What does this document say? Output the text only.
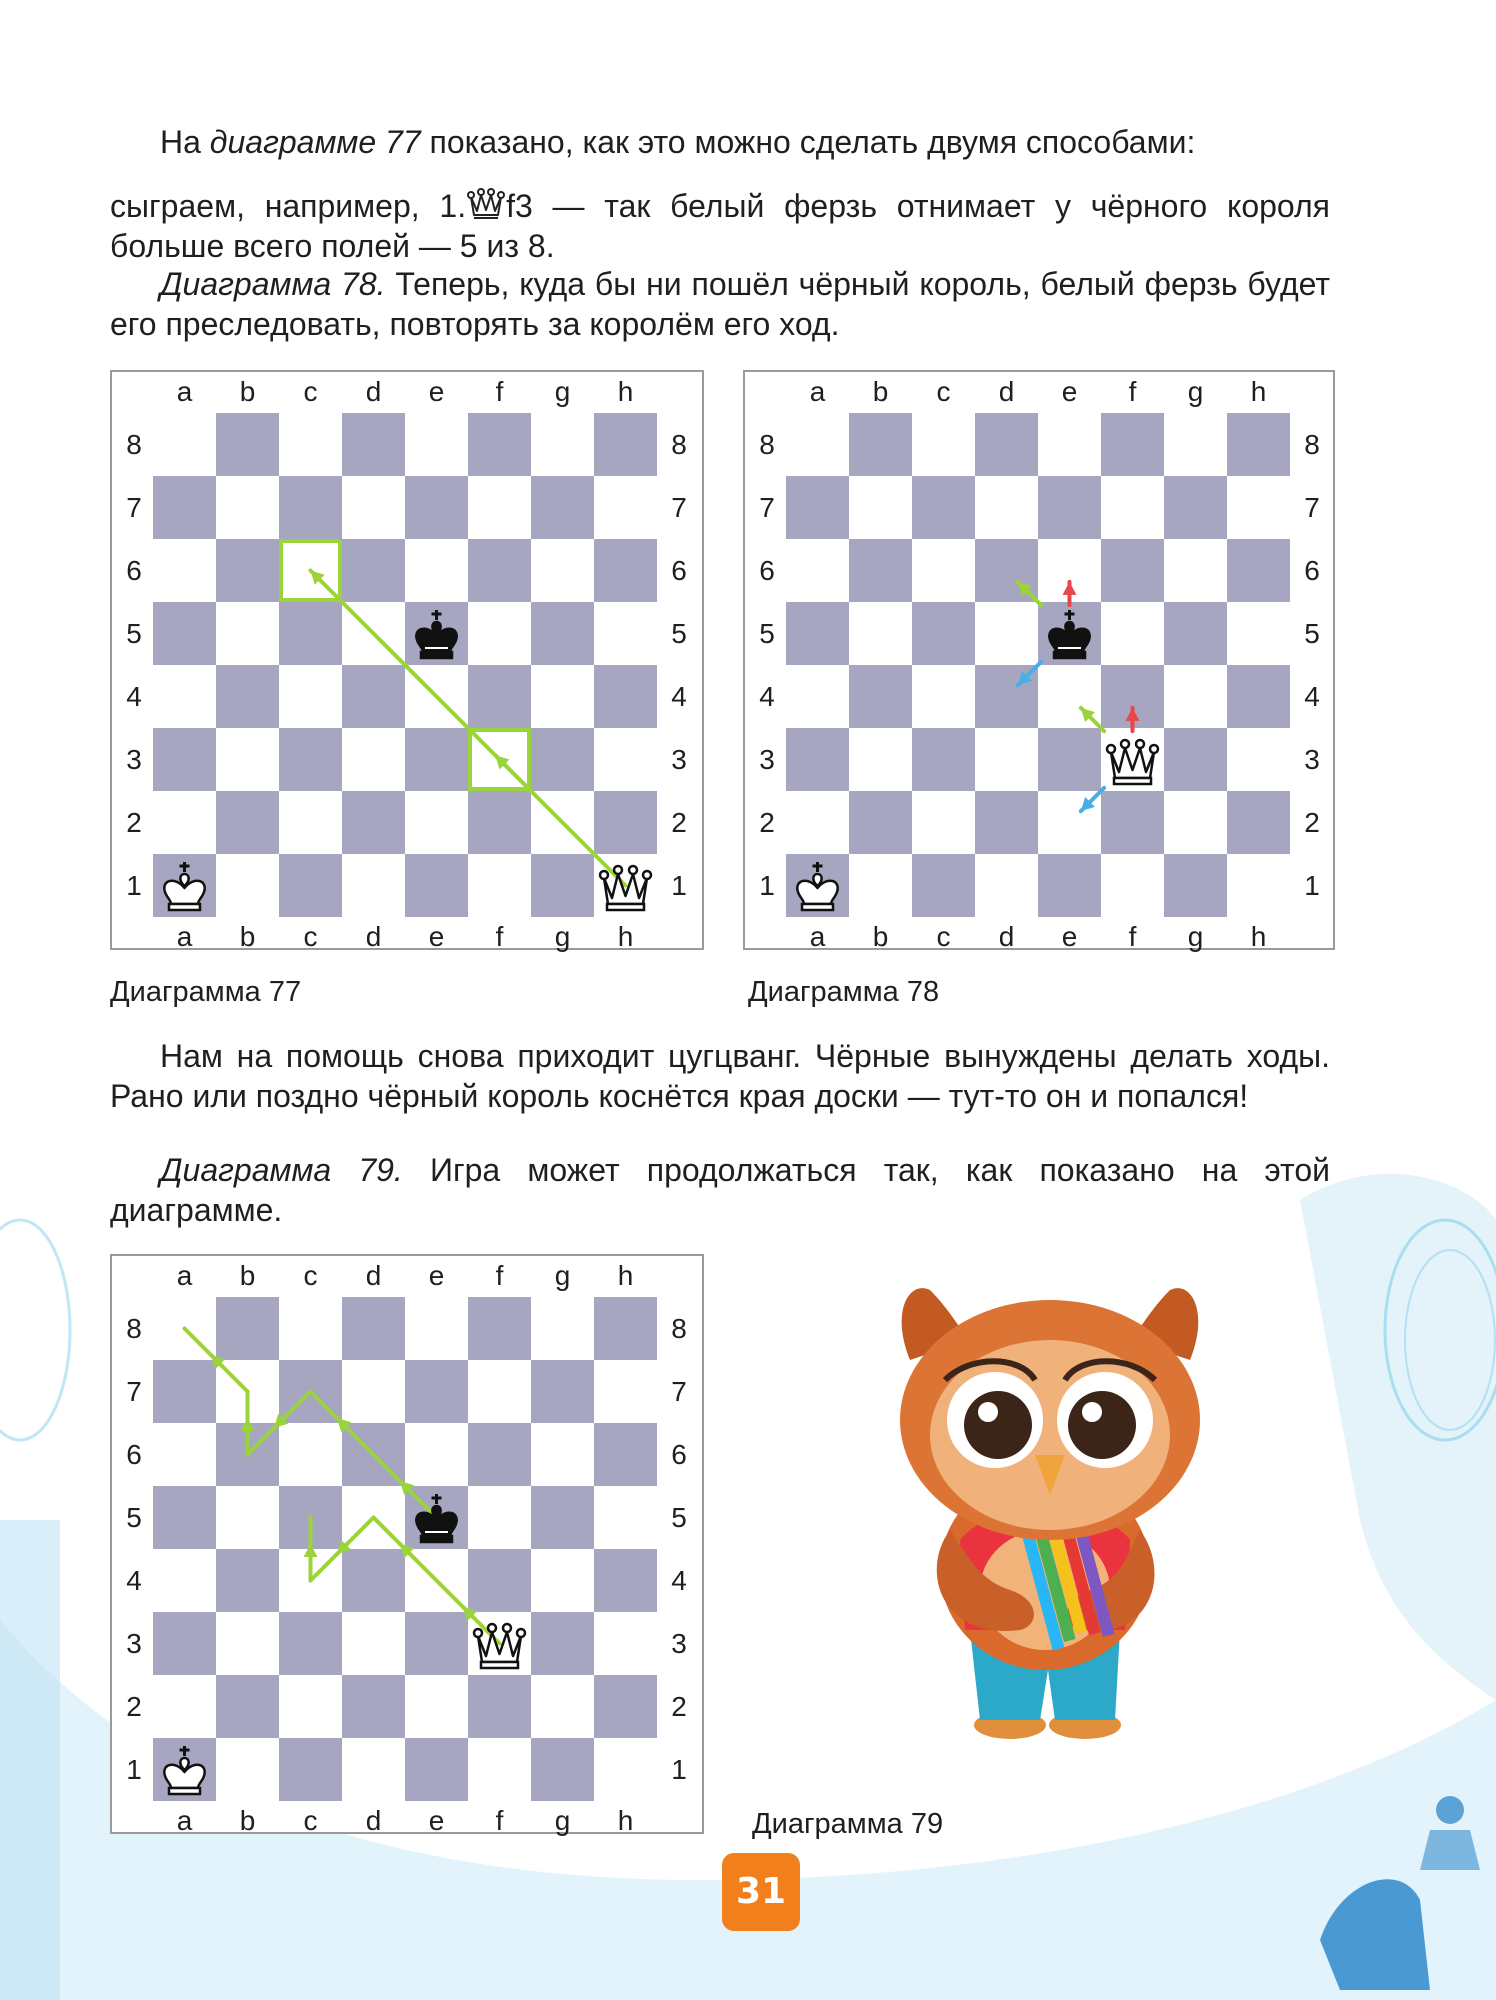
На диаграмме 77 показано, как это можно сделать двумя способами:
сыграем, например, 1. f3 — так белый ферзь отнимает у чёрного короля больше всего полей — 5 из 8.
Диаграмма 78. Теперь, куда бы ни пошёл чёрный король, белый ферзь будет его преследовать, повторять за королём его ход.
Нам на помощь снова приходит цугцванг. Чёрные вынуждены делать ходы. Рано или поздно чёрный король коснётся края доски — тут-то он и попался!
Диаграмма 79. Игра может продолжаться так, как показано на этой диаграмме.
a
a
b
b
c
c
d
d
e
e
f
f
g
g
h
h
8	8
7	7
6	6
5	5
4	4
3	3
2	2
1	1
a
a
b
b
c
c
d
d
e
e
f
f
g
g
h
h
8	8
7	7
6	6
5	5
4	4
3	3
2	2
1	1
a
a
b
b
c
c
d
d
e
e
f
f
g
g
h
h
8	8
7	7
6	6
5	5
4	4
3	3
2	2
1	1
Диаграмма 77	Диаграмма 78
Диаграмма 79
31
